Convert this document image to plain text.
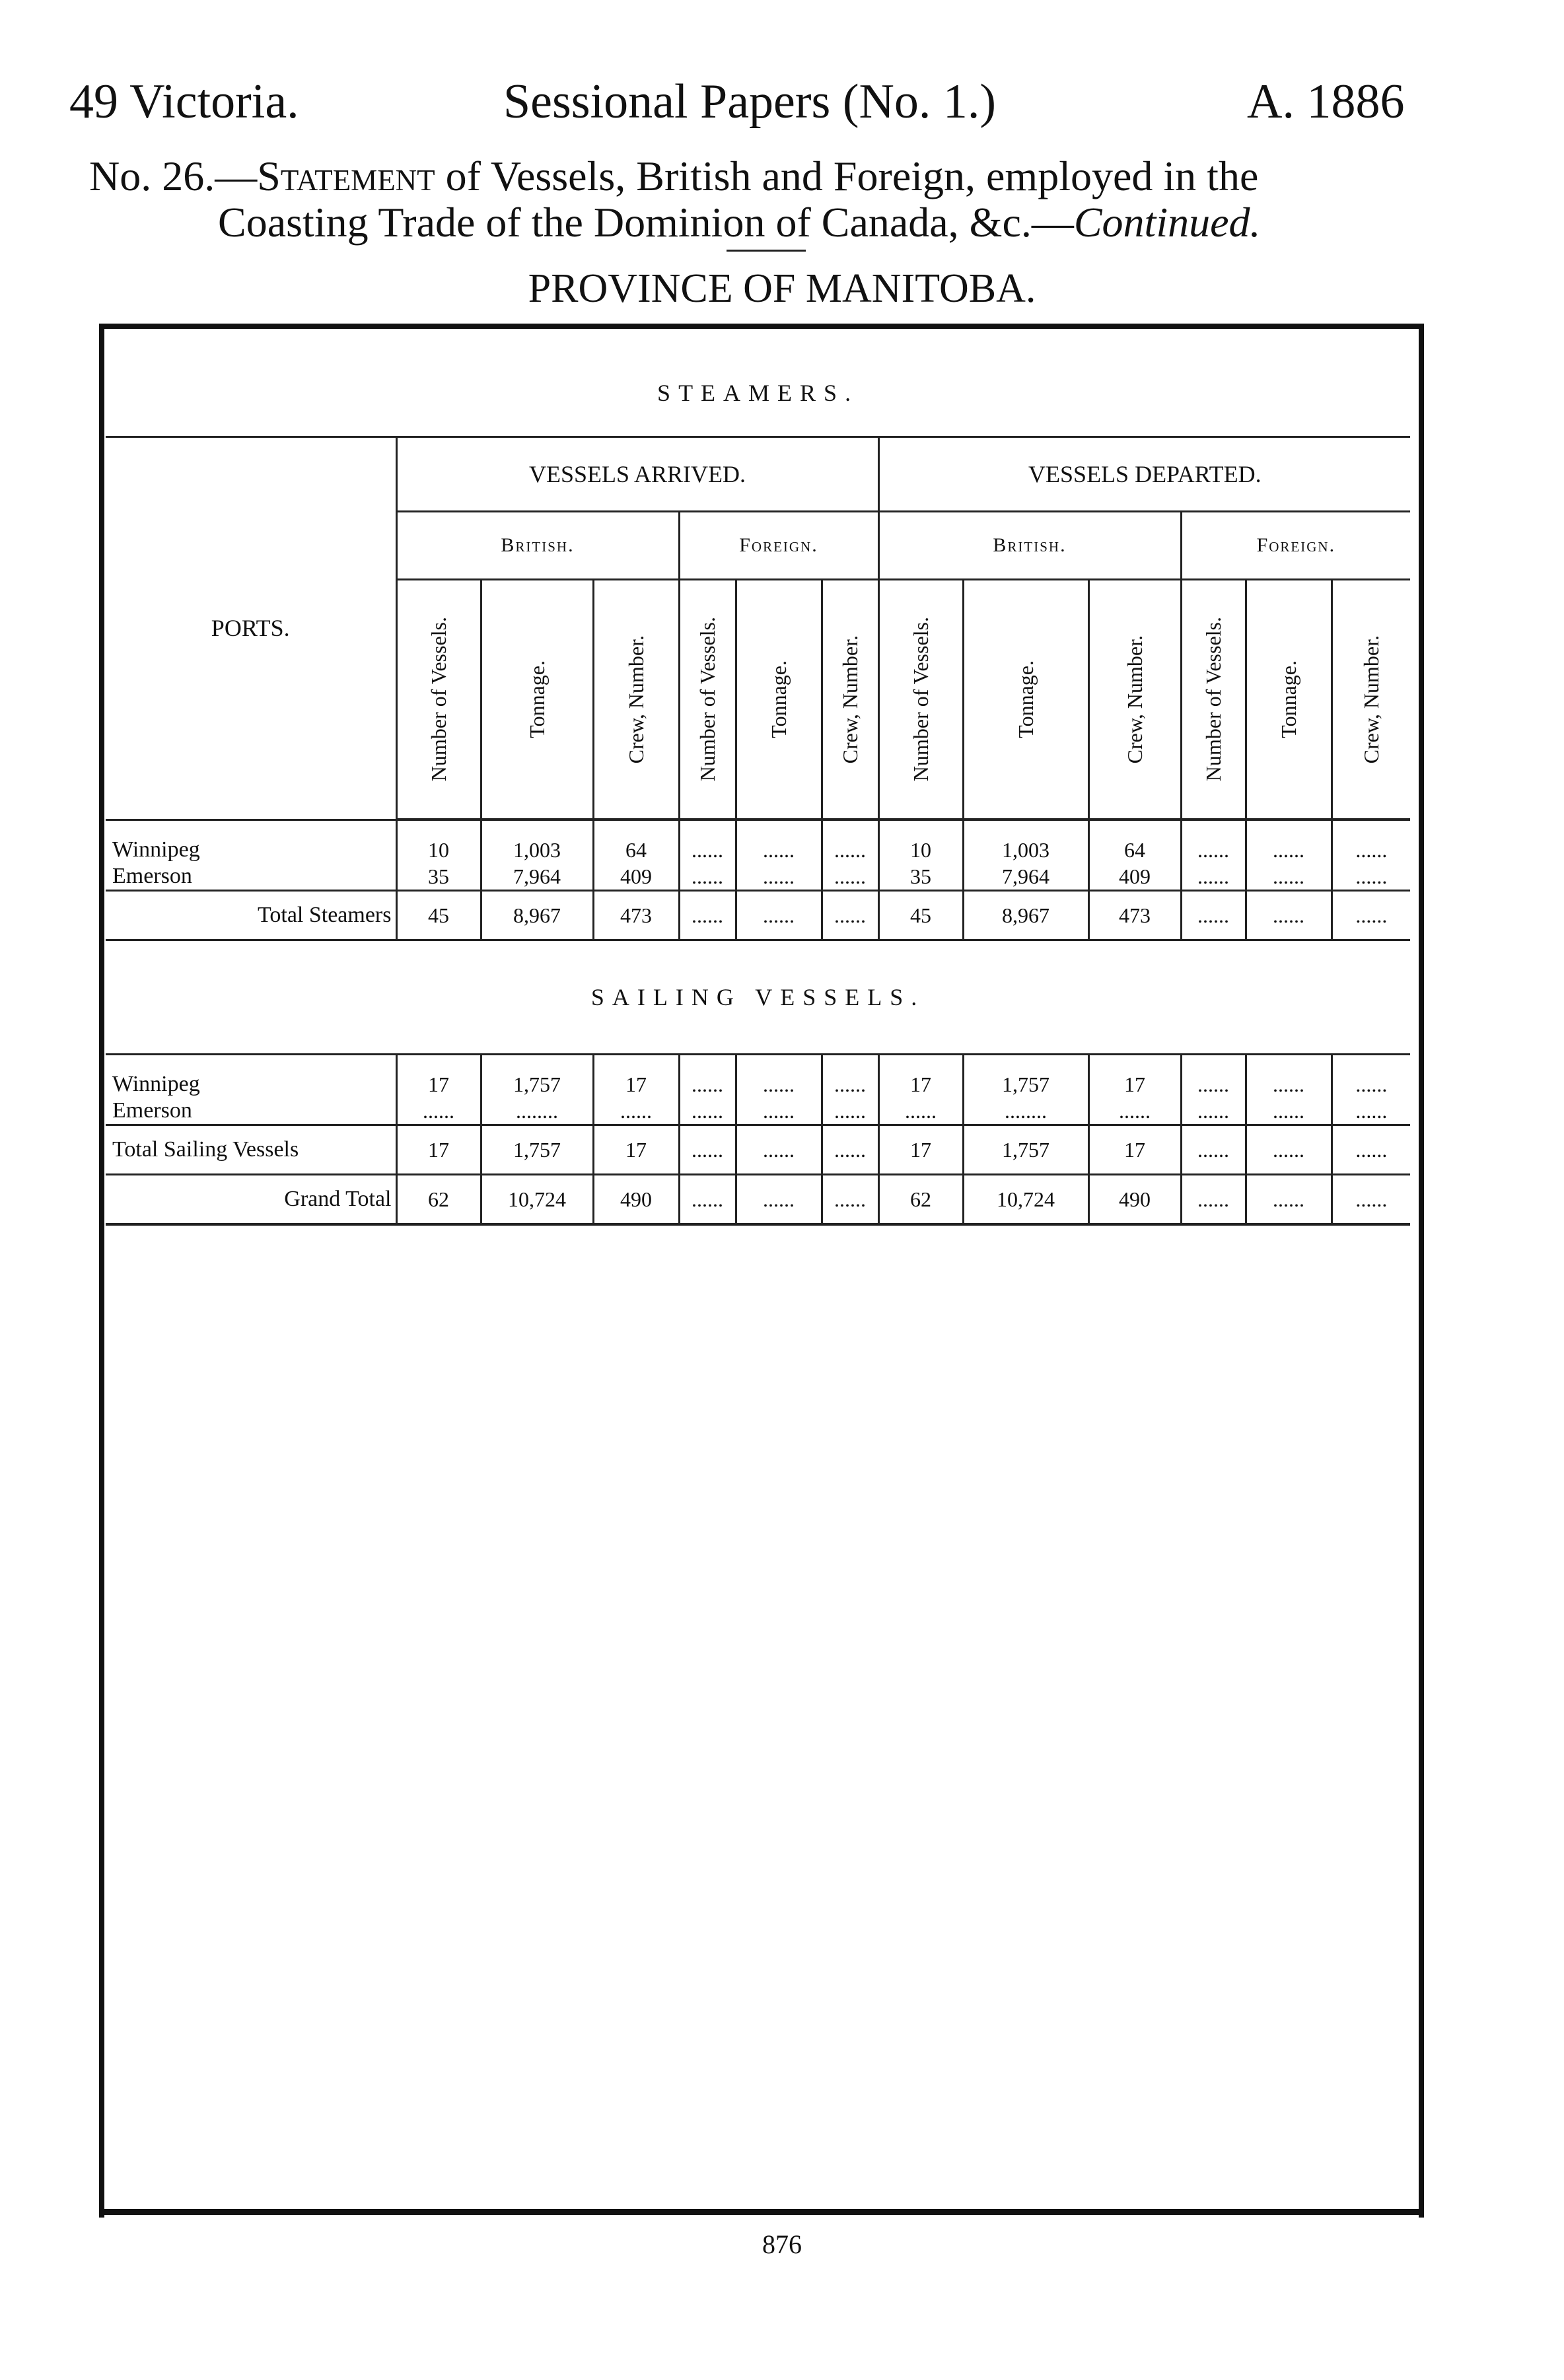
49 Victoria.	Sessional Papers (No. 1.)	A. 1886
No. 26.—Statement of Vessels, British and Foreign, employed in the
Coasting Trade of the Dominion of Canada, &c.—Continued.
PROVINCE OF MANITOBA.
STEAMERS.												
PORTS.	VESSELS ARRIVED.						VESSELS DEPARTED.					
	British.			Foreign.			British.			Foreign.		

	Number of Vessels.	Tonnage.	Crew, Number.	Number of Vessels.	Tonnage.	Crew, Number.	Number of Vessels.	Tonnage.	Crew, Number.	Number of Vessels.	Tonnage.	Crew, Number.

Winnipeg	10	1,003	64	......	......	......	10	1,003	64	......	......	......
Emerson	35	7,964	409	......	......	......	35	7,964	409	......	......	......
Total Steamers	45	8,967	473	......	......	......	45	8,967	473	......	......	......
SAILING VESSELS.												

Winnipeg	17	1,757	17	......	......	......	17	1,757	17	......	......	......
Emerson	......	........	......	......	......	......	......	........	......	......	......	......
Total Sailing Vessels	17	1,757	17	......	......	......	17	1,757	17	......	......	......
Grand Total	62	10,724	490	......	......	......	62	10,724	490	......	......	......
876
